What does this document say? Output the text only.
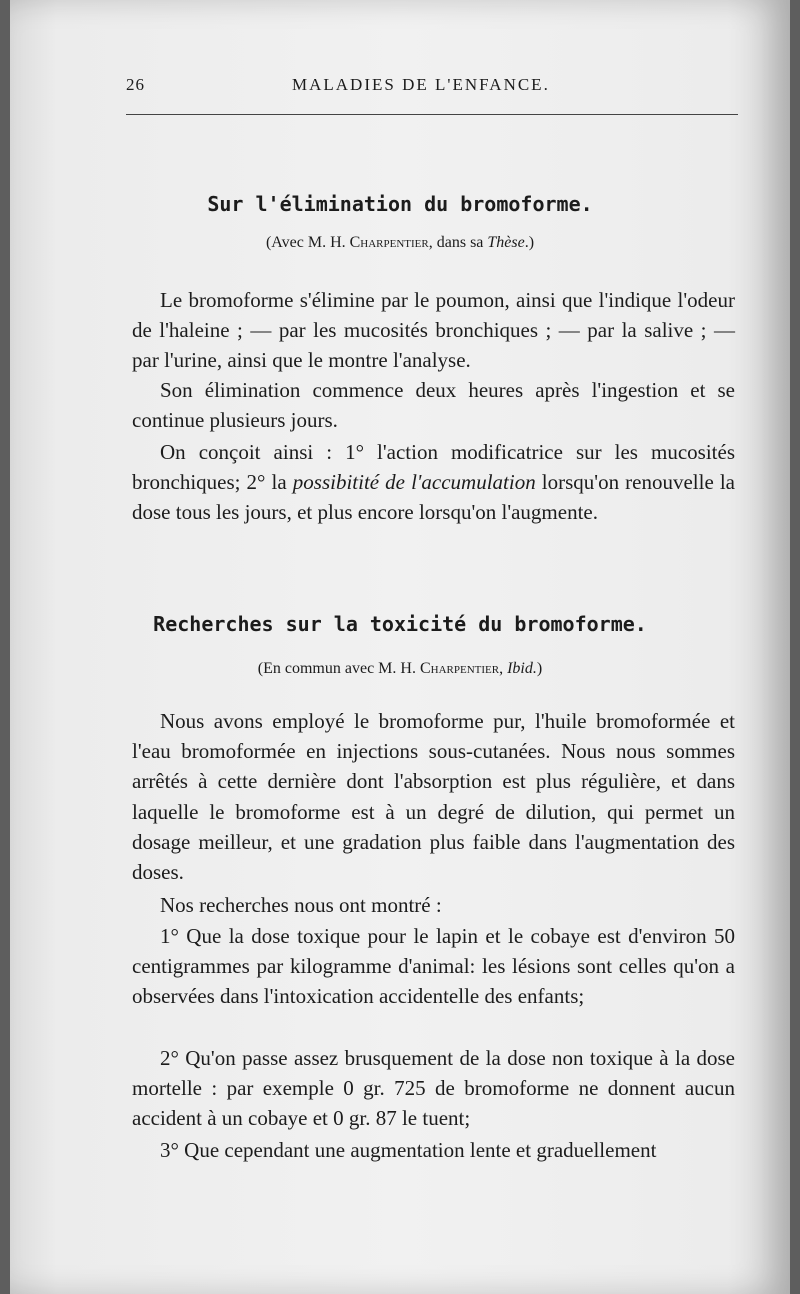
26	MALADIES DE L'ENFANCE.
Sur l'élimination du bromoforme.
(Avec M. H. Charpentier, dans sa Thèse.)

Le bromoforme s'élimine par le poumon, ainsi que l'indique l'odeur de l'haleine ; — par les mucosités bronchiques ; — par la salive ; — par l'urine, ainsi que le montre l'analyse.

Son élimination commence deux heures après l'ingestion et se continue plusieurs jours.

On conçoit ainsi : 1° l'action modificatrice sur les mucosités bronchiques; 2° la possibitité de l'accumulation lorsqu'on renouvelle la dose tous les jours, et plus encore lorsqu'on l'augmente.

Recherches sur la toxicité du bromoforme.
(En commun avec M. H. Charpentier, Ibid.)

Nous avons employé le bromoforme pur, l'huile bromoformée et l'eau bromoformée en injections sous-cutanées. Nous nous sommes arrêtés à cette dernière dont l'absorption est plus régulière, et dans laquelle le bromoforme est à un degré de dilution, qui permet un dosage meilleur, et une gradation plus faible dans l'augmentation des doses.

Nos recherches nous ont montré :

1° Que la dose toxique pour le lapin et le cobaye est d'environ 50 centigrammes par kilogramme d'animal: les lésions sont celles qu'on a observées dans l'intoxication accidentelle des enfants;

2° Qu'on passe assez brusquement de la dose non toxique à la dose mortelle : par exemple 0 gr. 725 de bromoforme ne donnent aucun accident à un cobaye et 0 gr. 87 le tuent;

3° Que cependant une augmentation lente et graduellement
